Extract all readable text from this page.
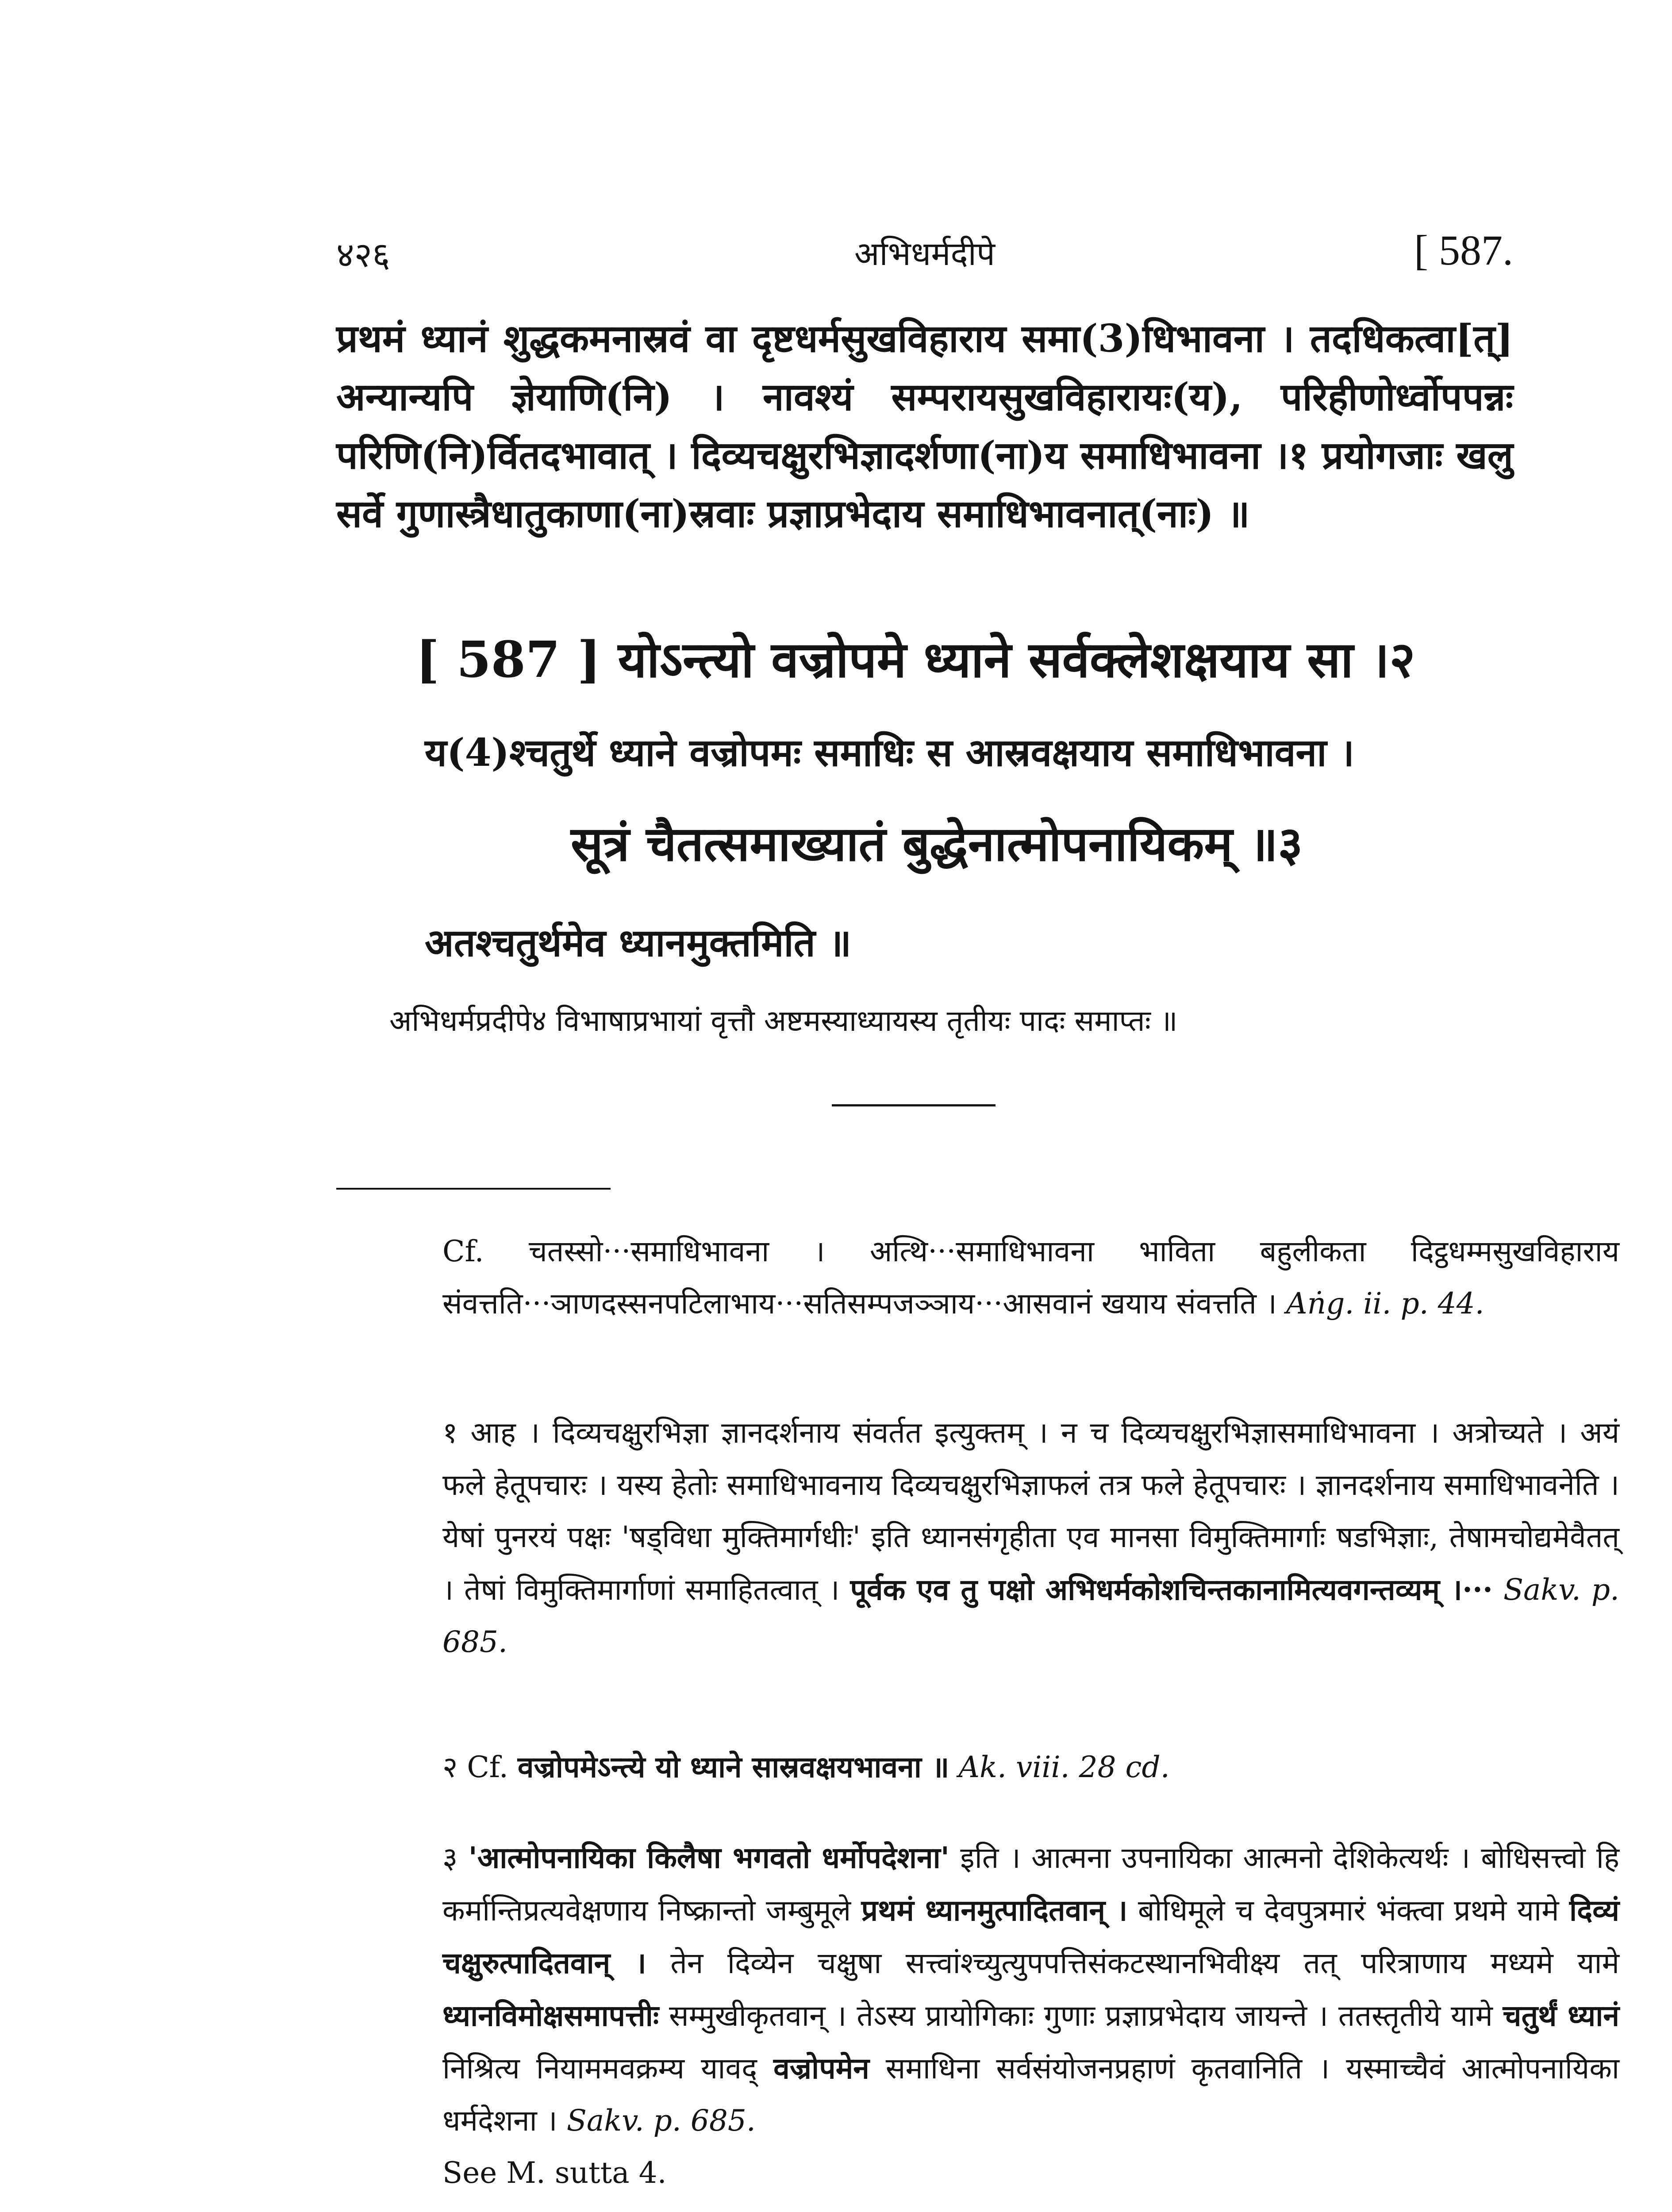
४२६	अभिधर्मदीपे	[ 587.

प्रथमं ध्यानं शुद्धकमनास्रवं वा दृष्टधर्मसुखविहाराय समा(3)धिभावना । तदधिकत्वा[त्] अन्यान्यपि ज्ञेयाणि(नि) । नावश्यं सम्परायसुखविहारायः(य), परिहीणोर्ध्वोपपन्नः परिणि(नि)र्वितदभावात् । दिव्यचक्षुरभिज्ञादर्शणा(ना)य समाधिभावना ।१ प्रयोगजाः खलु सर्वे गुणास्त्रैधातुकाणा(ना)स्रवाः प्रज्ञाप्रभेदाय समाधिभावनात्(नाः) ॥

[ 587 ] योऽन्त्यो वज्रोपमे ध्याने सर्वक्लेशक्षयाय सा ।२
य(4)श्चतुर्थे ध्याने वज्रोपमः समाधिः स आस्रवक्षयाय समाधिभावना ।
सूत्रं चैतत्समाख्यातं बुद्धेनात्मोपनायिकम् ॥३
अतश्चतुर्थमेव ध्यानमुक्तमिति ॥
अभिधर्मप्रदीपे४ विभाषाप्रभायां वृत्तौ अष्टमस्याध्यायस्य तृतीयः पादः समाप्तः ॥

Cf. चतस्सो···समाधिभावना । अत्थि···समाधिभावना भाविता बहुलीकता दिट्ठधम्मसुखविहाराय संवत्तति···ञाणदस्सनपटिलाभाय···सतिसम्पजञ्ञाय···आसवानं खयाय संवत्तति । Aṅg. ii. p. 44.

१ आह । दिव्यचक्षुरभिज्ञा ज्ञानदर्शनाय संवर्तत इत्युक्तम् । न च दिव्यचक्षुरभिज्ञासमाधिभावना । अत्रोच्यते । अयं फले हेतूपचारः । यस्य हेतोः समाधिभावनाय दिव्यचक्षुरभिज्ञाफलं तत्र फले हेतूपचारः । ज्ञानदर्शनाय समाधिभावनेति । येषां पुनरयं पक्षः 'षड्विधा मुक्तिमार्गधीः' इति ध्यानसंगृहीता एव मानसा विमुक्तिमार्गाः षडभिज्ञाः, तेषामचोद्यमेवैतत् । तेषां विमुक्तिमार्गाणां समाहितत्वात् । पूर्वक एव तु पक्षो अभिधर्मकोशचिन्तकानामित्यवगन्तव्यम् ।··· Sakv. p. 685.

२ Cf. वज्रोपमेऽन्त्ये यो ध्याने सास्रवक्षयभावना ॥ Ak. viii. 28 cd.

३ 'आत्मोपनायिका किलैषा भगवतो धर्मोपदेशना' इति । आत्मना उपनायिका आत्मनो देशिकेत्यर्थः । बोधिसत्त्वो हि कर्मान्तिप्रत्यवेक्षणाय निष्क्रान्तो जम्बुमूले प्रथमं ध्यानमुत्पादितवान् । बोधिमूले च देवपुत्रमारं भंक्त्वा प्रथमे यामे दिव्यं चक्षुरुत्पादितवान् । तेन दिव्येन चक्षुषा सत्त्वांश्च्युत्युपपत्तिसंकटस्थानभिवीक्ष्य तत् परित्राणाय मध्यमे यामे ध्यानविमोक्षसमापत्तीः सम्मुखीकृतवान् । तेऽस्य प्रायोगिकाः गुणाः प्रज्ञाप्रभेदाय जायन्ते । ततस्तृतीये यामे चतुर्थं ध्यानं निश्रित्य नियाममवक्रम्य यावद् वज्रोपमेन समाधिना सर्वसंयोजनप्रहाणं कृतवानिति । यस्माच्चैवं आत्मोपनायिका धर्मदेशना । Sakv. p. 685.
See M. sutta 4.
